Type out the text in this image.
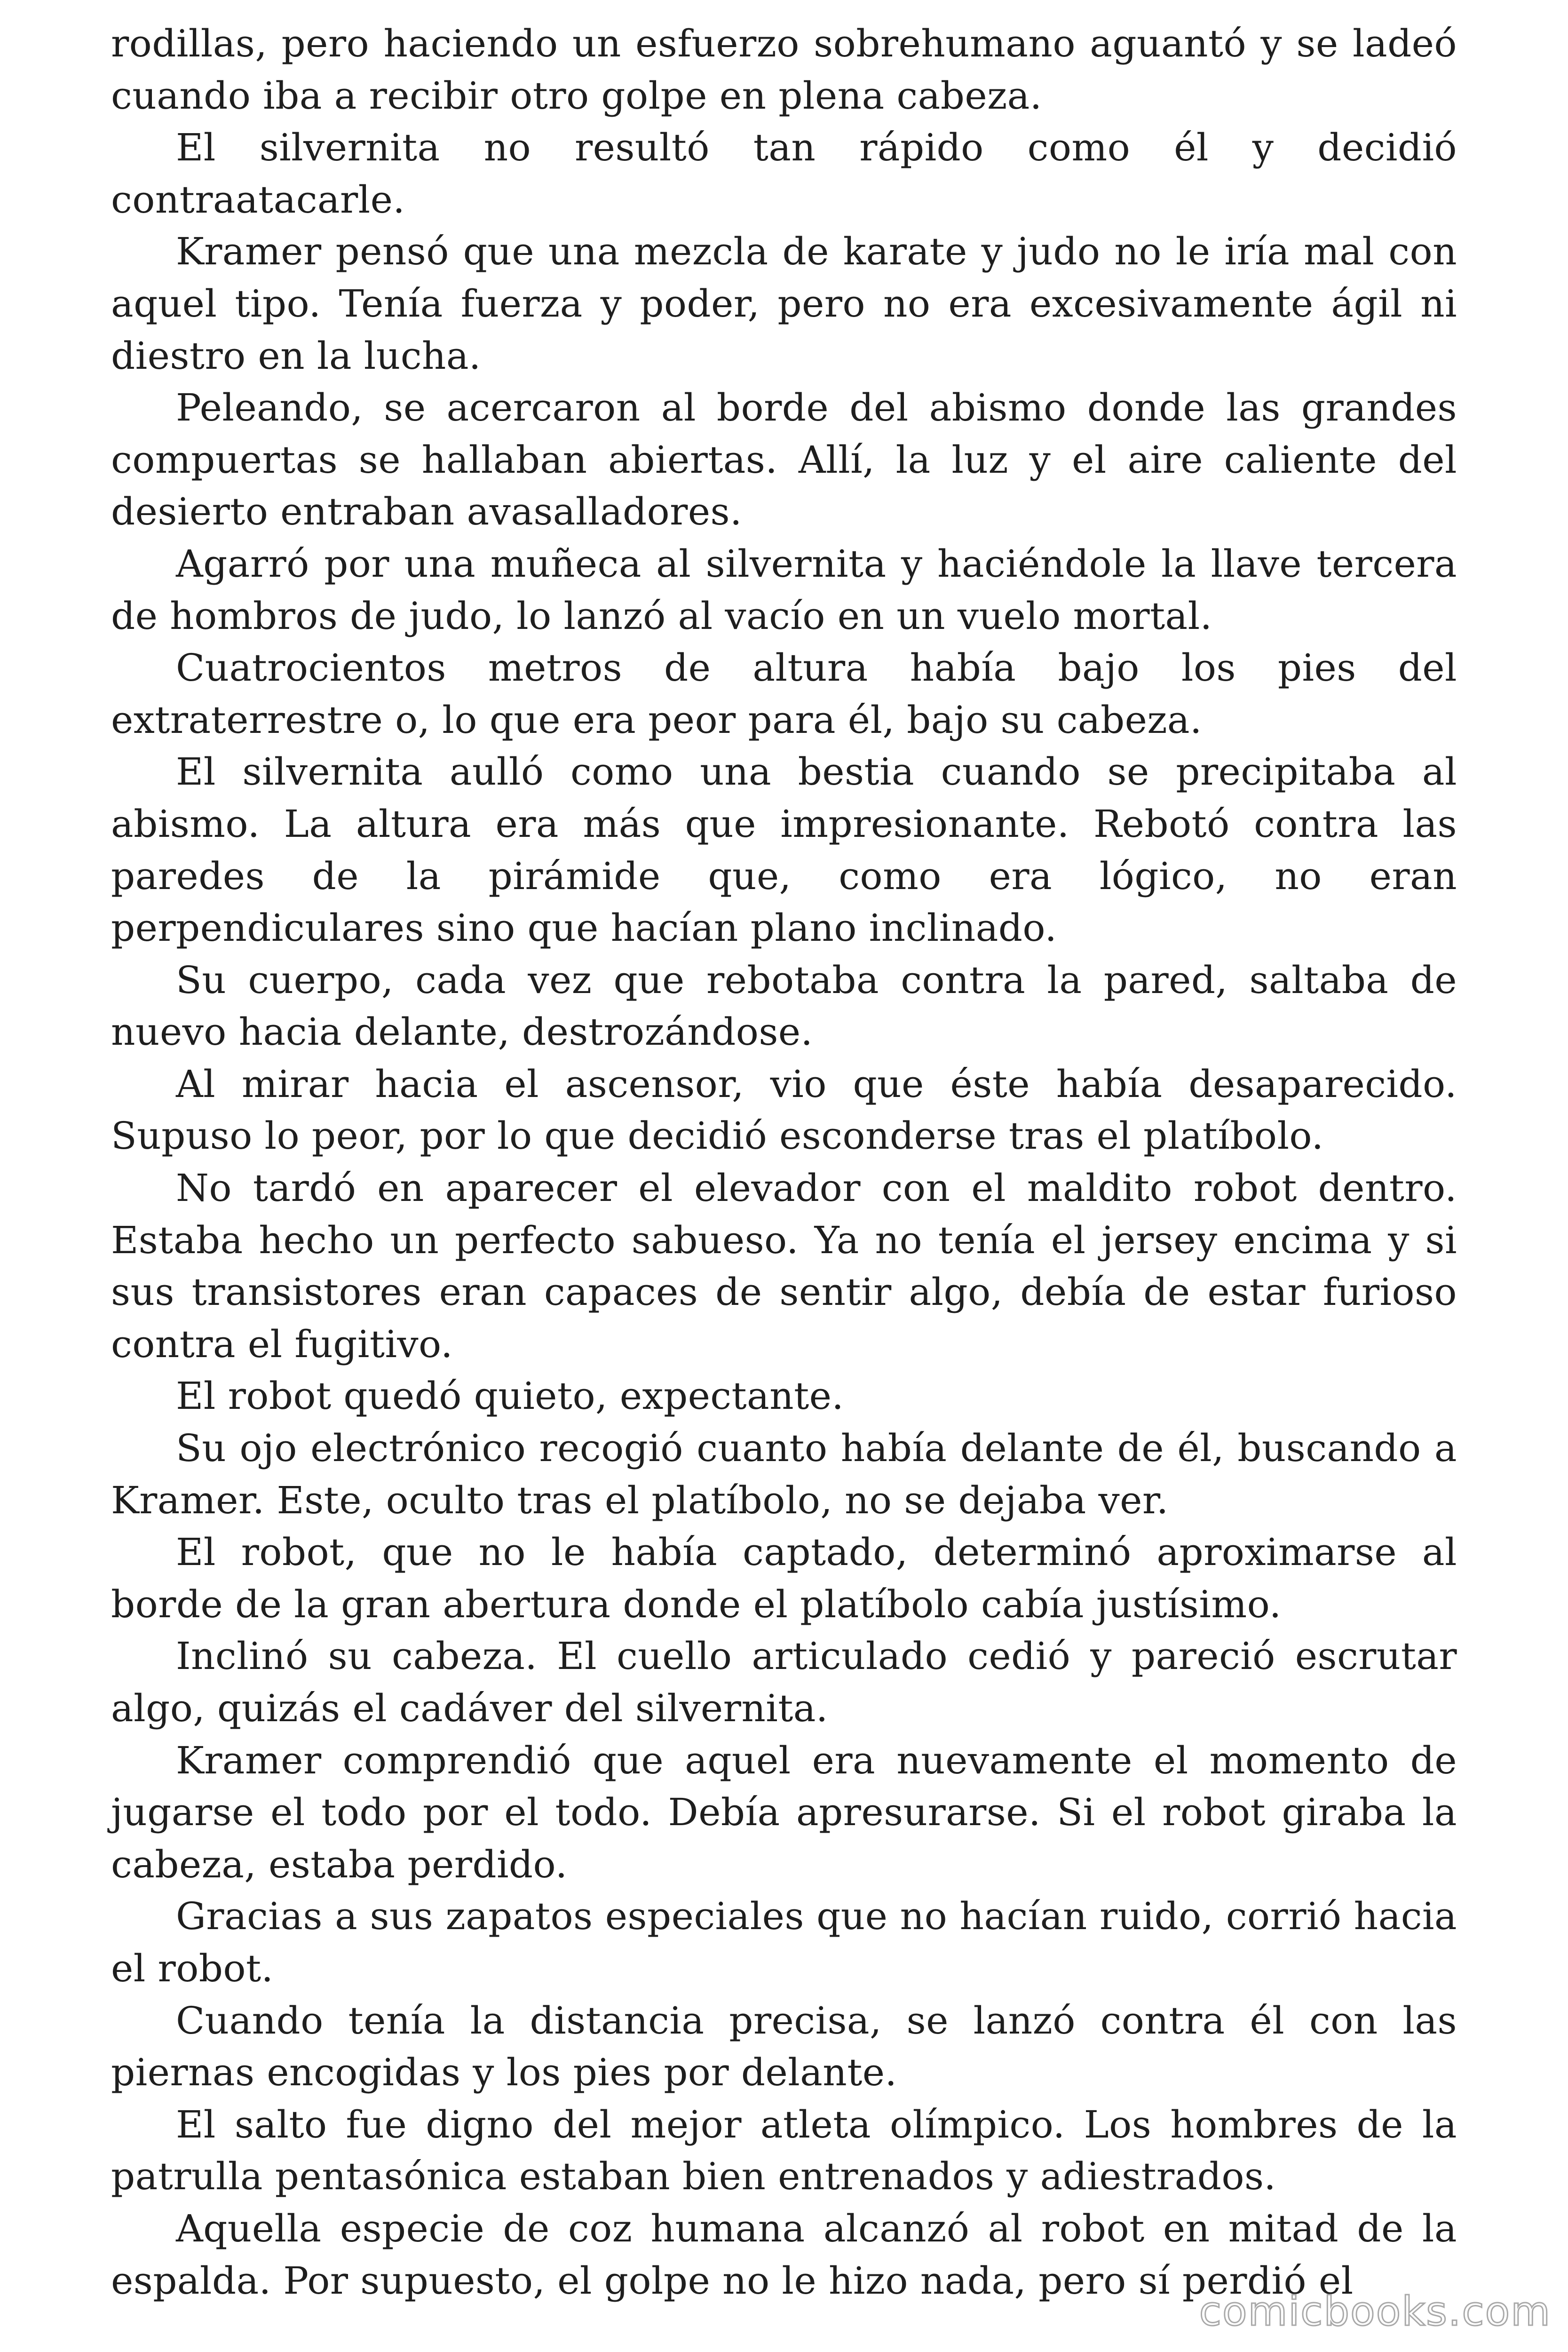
rodillas, pero haciendo un esfuerzo sobrehumano aguantó y se ladeó cuando iba a recibir otro golpe en plena cabeza.

El silvernita no resultó tan rápido como él y decidió contraatacarle.

Kramer pensó que una mezcla de karate y judo no le iría mal con aquel tipo. Tenía fuerza y poder, pero no era excesivamente ágil ni diestro en la lucha.

Peleando, se acercaron al borde del abismo donde las grandes compuertas se hallaban abiertas. Allí, la luz y el aire caliente del desierto entraban avasalladores.

Agarró por una muñeca al silvernita y haciéndole la llave tercera de hombros de judo, lo lanzó al vacío en un vuelo mortal.

Cuatrocientos metros de altura había bajo los pies del extraterrestre o, lo que era peor para él, bajo su cabeza.

El silvernita aulló como una bestia cuando se precipitaba al abismo. La altura era más que impresionante. Rebotó contra las paredes de la pirámide que, como era lógico, no eran perpendiculares sino que hacían plano inclinado.

Su cuerpo, cada vez que rebotaba contra la pared, saltaba de nuevo hacia delante, destrozándose.

Al mirar hacia el ascensor, vio que éste había desaparecido. Supuso lo peor, por lo que decidió esconderse tras el platíbolo.

No tardó en aparecer el elevador con el maldito robot dentro. Estaba hecho un perfecto sabueso. Ya no tenía el jersey encima y si sus transistores eran capaces de sentir algo, debía de estar furioso contra el fugitivo.

El robot quedó quieto, expectante.

Su ojo electrónico recogió cuanto había delante de él, buscando a Kramer. Este, oculto tras el platíbolo, no se dejaba ver.

El robot, que no le había captado, determinó aproximarse al borde de la gran abertura donde el platíbolo cabía justísimo.

Inclinó su cabeza. El cuello articulado cedió y pareció escrutar algo, quizás el cadáver del silvernita.

Kramer comprendió que aquel era nuevamente el momento de jugarse el todo por el todo. Debía apresurarse. Si el robot giraba la cabeza, estaba perdido.

Gracias a sus zapatos especiales que no hacían ruido, corrió hacia el robot.

Cuando tenía la distancia precisa, se lanzó contra él con las piernas encogidas y los pies por delante.

El salto fue digno del mejor atleta olímpico. Los hombres de la patrulla pentasónica estaban bien entrenados y adiestrados.

Aquella especie de coz humana alcanzó al robot en mitad de la espalda. Por supuesto, el golpe no le hizo nada, pero sí perdió el

comicbooks.com
